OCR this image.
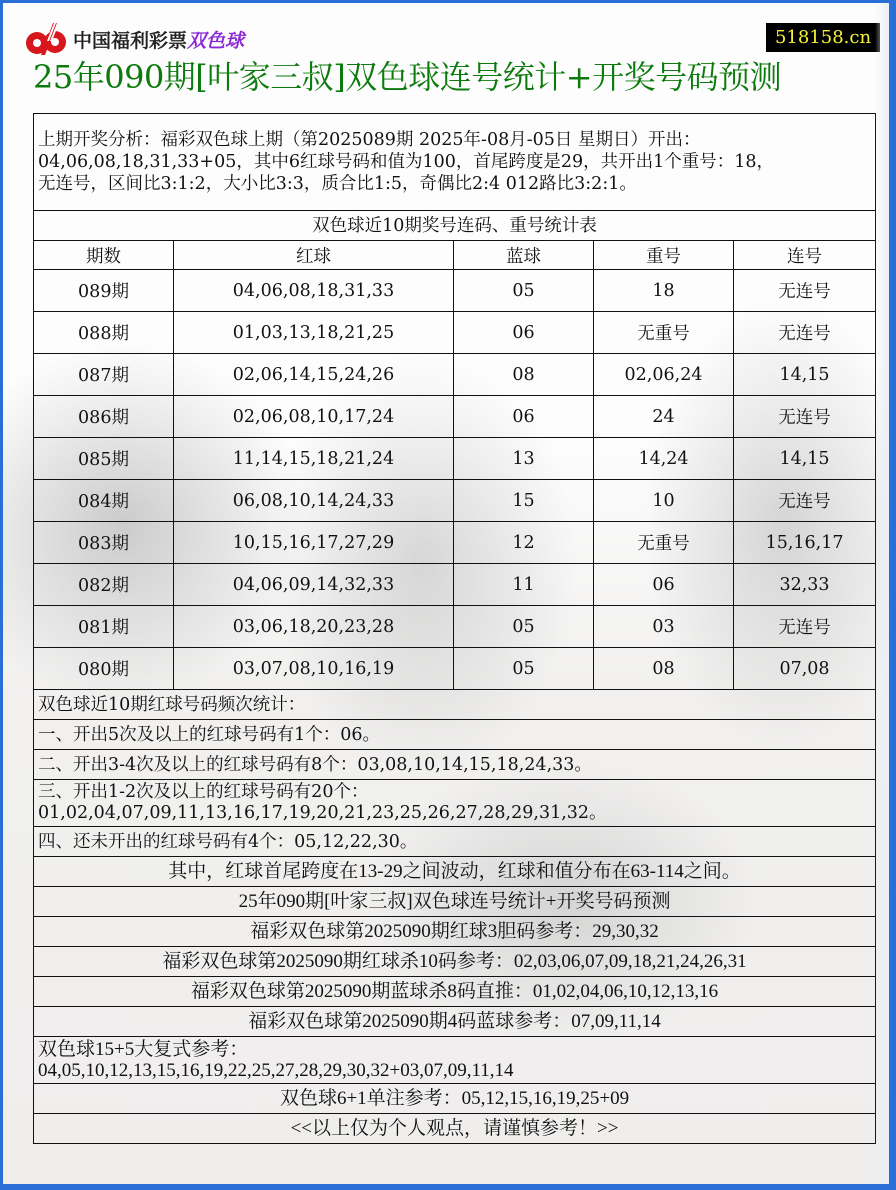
中国福利彩票双色球	518158.cn
25年090期[叶家三叔]双色球连号统计+开奖号码预测
上期开奖分析：福彩双色球上期（第2025089期 2025年-08月-05日 星期日）开出：
04,06,08,18,31,33+05，其中6红球号码和值为100，首尾跨度是29，共开出1个重号：18，
无连号，区间比3:1:2，大小比3:3，质合比1:5，奇偶比2:4 012路比3:2:1。				

双色球近10期奖号连码、重号统计表				
期数	红球	蓝球	重号	连号
089期	04,06,08,18,31,33	05	18	无连号
088期	01,03,13,18,21,25	06	无重号	无连号
087期	02,06,14,15,24,26	08	02,06,24	14,15
086期	02,06,08,10,17,24	06	24	无连号
085期	11,14,15,18,21,24	13	14,24	14,15
084期	06,08,10,14,24,33	15	10	无连号
083期	10,15,16,17,27,29	12	无重号	15,16,17
082期	04,06,09,14,32,33	11	06	32,33
081期	03,06,18,20,23,28	05	03	无连号
080期	03,07,08,10,16,19	05	08	07,08
双色球近10期红球号码频次统计：				
一、开出5次及以上的红球号码有1个：06。				
二、开出3-4次及以上的红球号码有8个：03,08,10,14,15,18,24,33。				

三、开出1-2次及以上的红球号码有20个：
01,02,04,07,09,11,13,16,17,19,20,21,23,25,26,27,28,29,31,32。				

四、还未开出的红球号码有4个：05,12,22,30。				
其中，红球首尾跨度在13-29之间波动，红球和值分布在63-114之间。				
25年090期[叶家三叔]双色球连号统计+开奖号码预测				
福彩双色球第2025090期红球3胆码参考：29,30,32				
福彩双色球第2025090期红球杀10码参考：02,03,06,07,09,18,21,24,26,31				
福彩双色球第2025090期蓝球杀8码直推：01,02,04,06,10,12,13,16				
福彩双色球第2025090期4码蓝球参考：07,09,11,14				

双色球15+5大复式参考：
04,05,10,12,13,15,16,19,22,25,27,28,29,30,32+03,07,09,11,14				

双色球6+1单注参考：05,12,15,16,19,25+09				
<<以上仅为个人观点，请谨慎参考！>>				
